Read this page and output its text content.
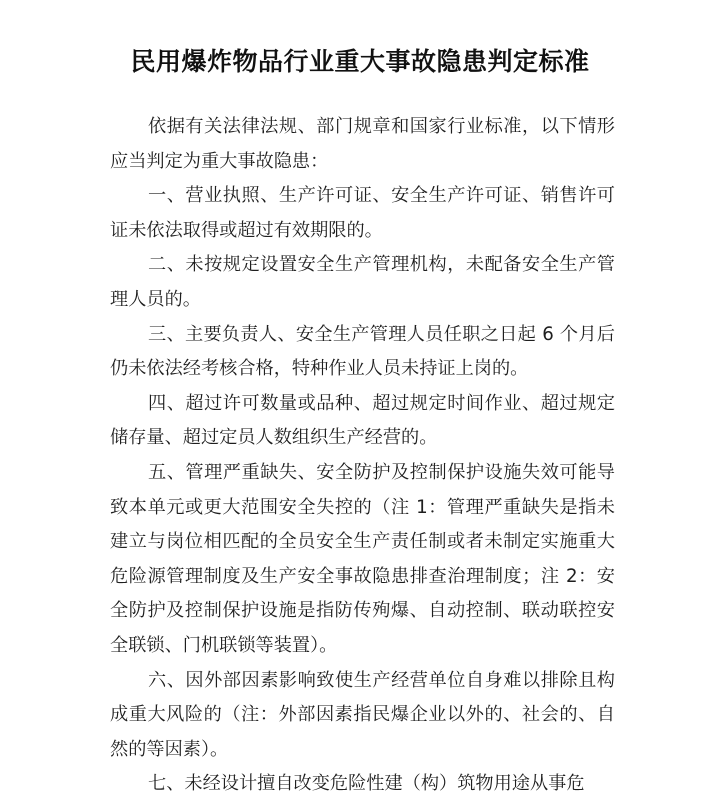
民用爆炸物品行业重大事故隐患判定标准

依据有关法律法规、部门规章和国家行业标准，以下情形应当判定为重大事故隐患：

一、营业执照、生产许可证、安全生产许可证、销售许可证未依法取得或超过有效期限的。

二、未按规定设置安全生产管理机构，未配备安全生产管理人员的。

三、主要负责人、安全生产管理人员任职之日起 6 个月后仍未依法经考核合格，特种作业人员未持证上岗的。

四、超过许可数量或品种、超过规定时间作业、超过规定储存量、超过定员人数组织生产经营的。

五、管理严重缺失、安全防护及控制保护设施失效可能导致本单元或更大范围安全失控的（注 1：管理严重缺失是指未建立与岗位相匹配的全员安全生产责任制或者未制定实施重大危险源管理制度及生产安全事故隐患排查治理制度；注 2：安全防护及控制保护设施是指防传殉爆、自动控制、联动联控安全联锁、门机联锁等装置）。

六、因外部因素影响致使生产经营单位自身难以排除且构成重大风险的（注：外部因素指民爆企业以外的、社会的、自然的等因素）。

七、未经设计擅自改变危险性建（构）筑物用途从事危
